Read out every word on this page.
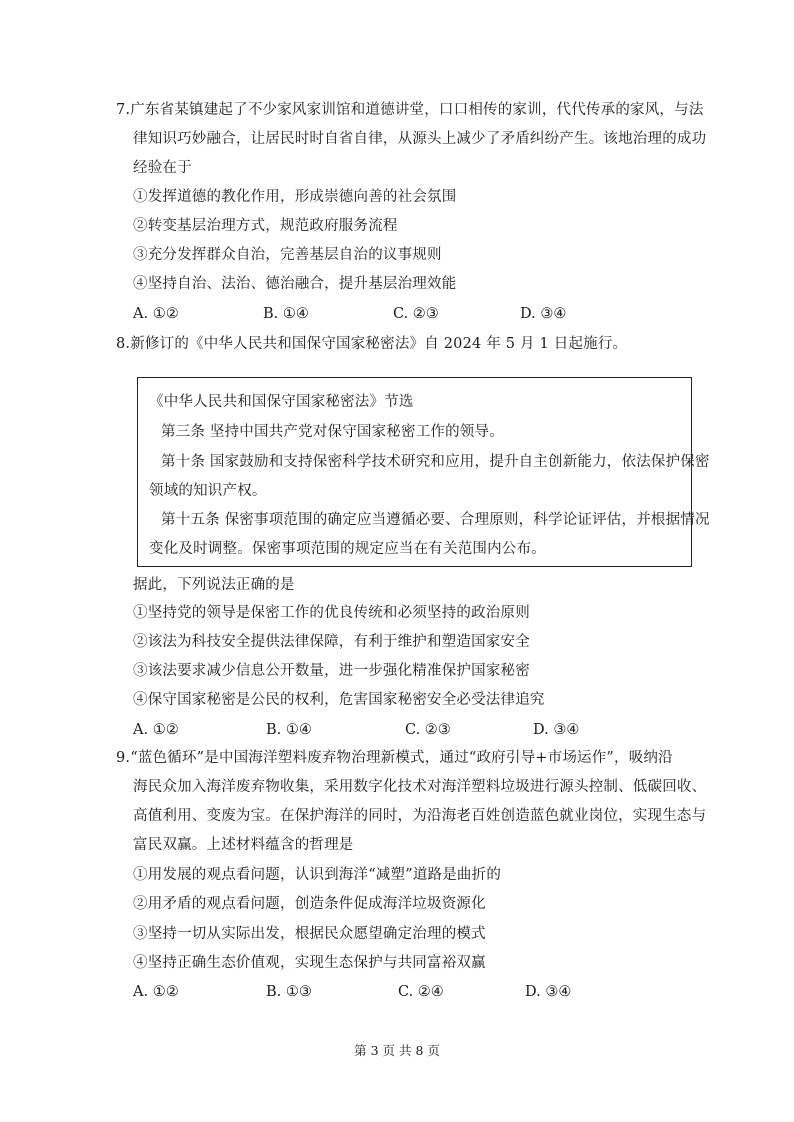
7.广东省某镇建起了不少家风家训馆和道德讲堂，口口相传的家训，代代传承的家风，与法
律知识巧妙融合，让居民时时自省自律，从源头上减少了矛盾纠纷产生。该地治理的成功
经验在于
①发挥道德的教化作用，形成崇德向善的社会氛围
②转变基层治理方式，规范政府服务流程
③充分发挥群众自治，完善基层自治的议事规则
④坚持自治、法治、德治融合，提升基层治理效能
A. ①②	B. ①④	C. ②③	D. ③④
8.新修订的《中华人民共和国保守国家秘密法》自 2024 年 5 月 1 日起施行。
《中华人民共和国保守国家秘密法》节选
第三条 坚持中国共产党对保守国家秘密工作的领导。
第十条 国家鼓励和支持保密科学技术研究和应用，提升自主创新能力，依法保护保密
领域的知识产权。
第十五条 保密事项范围的确定应当遵循必要、合理原则，科学论证评估，并根据情况
变化及时调整。保密事项范围的规定应当在有关范围内公布。
据此，下列说法正确的是
①坚持党的领导是保密工作的优良传统和必须坚持的政治原则
②该法为科技安全提供法律保障，有利于维护和塑造国家安全
③该法要求减少信息公开数量，进一步强化精准保护国家秘密
④保守国家秘密是公民的权利，危害国家秘密安全必受法律追究
A. ①②	B. ①④	C. ②③	D. ③④
9.“蓝色循环”是中国海洋塑料废弃物治理新模式，通过“政府引导+市场运作”，吸纳沿
海民众加入海洋废弃物收集，采用数字化技术对海洋塑料垃圾进行源头控制、低碳回收、
高值利用、变废为宝。在保护海洋的同时，为沿海老百姓创造蓝色就业岗位，实现生态与
富民双赢。上述材料蕴含的哲理是
①用发展的观点看问题，认识到海洋“减塑”道路是曲折的
②用矛盾的观点看问题，创造条件促成海洋垃圾资源化
③坚持一切从实际出发，根据民众愿望确定治理的模式
④坚持正确生态价值观，实现生态保护与共同富裕双赢
A. ①②	B. ①③	C. ②④	D. ③④
第 3 页 共 8 页
